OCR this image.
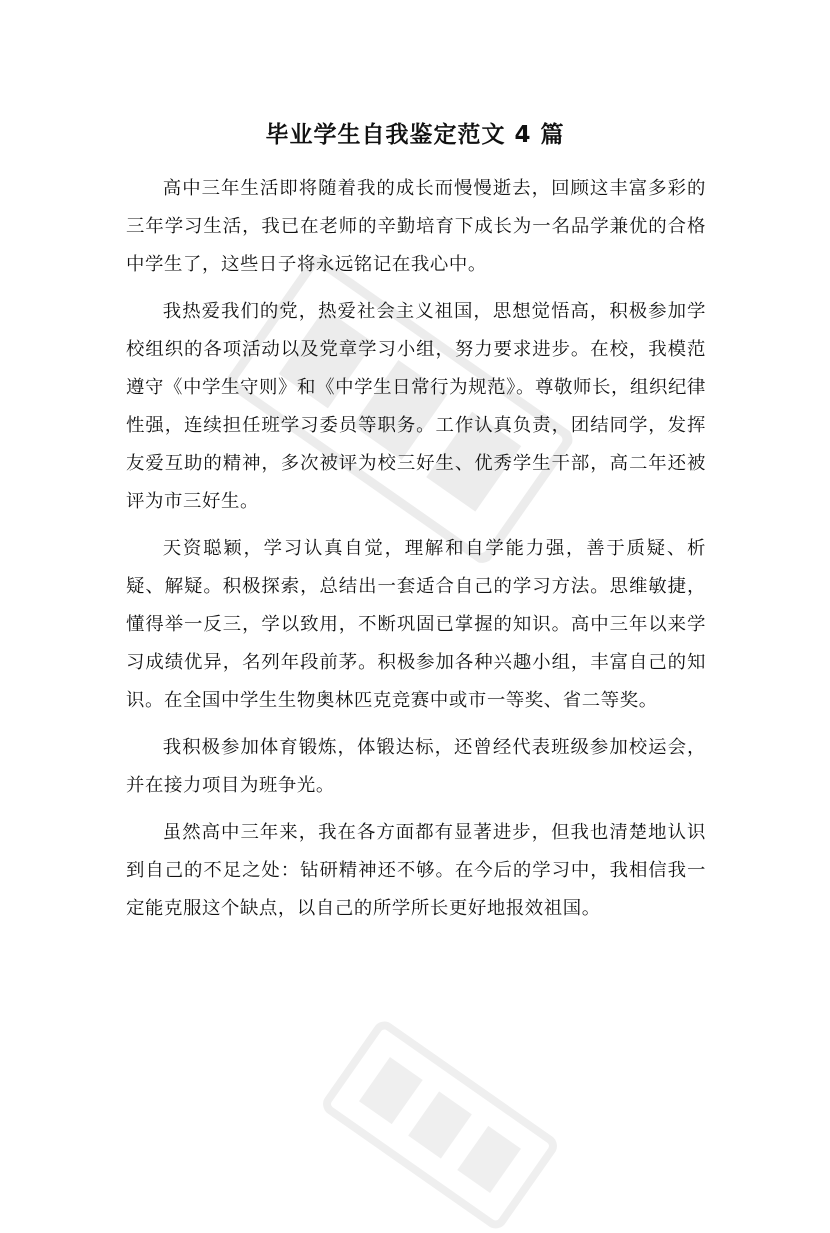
毕业学生自我鉴定范文 4 篇

高中三年生活即将随着我的成长而慢慢逝去，回顾这丰富多彩的三年学习生活，我已在老师的辛勤培育下成长为一名品学兼优的合格中学生了，这些日子将永远铭记在我心中。

我热爱我们的党，热爱社会主义祖国，思想觉悟高，积极参加学校组织的各项活动以及党章学习小组，努力要求进步。在校，我模范遵守《中学生守则》和《中学生日常行为规范》。尊敬师长，组织纪律性强，连续担任班学习委员等职务。工作认真负责，团结同学，发挥友爱互助的精神，多次被评为校三好生、优秀学生干部，高二年还被评为市三好生。

天资聪颖，学习认真自觉，理解和自学能力强，善于质疑、析疑、解疑。积极探索，总结出一套适合自己的学习方法。思维敏捷，懂得举一反三，学以致用，不断巩固已掌握的知识。高中三年以来学习成绩优异，名列年段前茅。积极参加各种兴趣小组，丰富自己的知识。在全国中学生生物奥林匹克竞赛中或市一等奖、省二等奖。

我积极参加体育锻炼，体锻达标，还曾经代表班级参加校运会，并在接力项目为班争光。

虽然高中三年来，我在各方面都有显著进步，但我也清楚地认识到自己的不足之处：钻研精神还不够。在今后的学习中，我相信我一定能克服这个缺点，以自己的所学所长更好地报效祖国。
